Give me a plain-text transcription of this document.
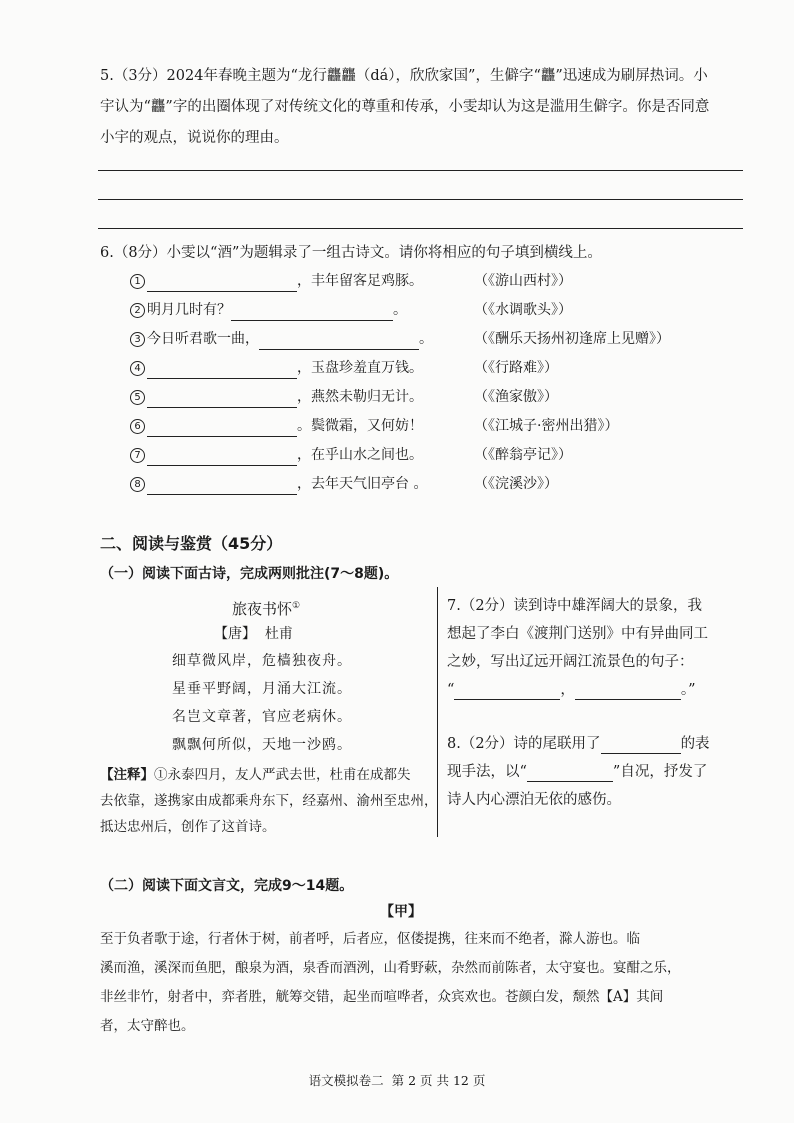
5.（3分）2024年春晚主题为“龙行龘龘（dá），欣欣家国”，生僻字“龘”迅速成为刷屏热词。小
宇认为“龘”字的出圈体现了对传统文化的尊重和传承，小雯却认为这是滥用生僻字。你是否同意
小宇的观点，说说你的理由。
6.（8分）小雯以“酒”为题辑录了一组古诗文。请你将相应的句子填到横线上。
1	，丰年留客足鸡豚。	（《游山西村》）
2 明月几时有？	。	（《水调歌头》）
3 今日听君歌一曲，	。	（《酬乐天扬州初逢席上见赠》）
4	，玉盘珍羞直万钱。	（《行路难》）
5	，燕然未勒归无计。	（《渔家傲》）
6	。鬓微霜，又何妨！	（《江城子·密州出猎》）
7	，在乎山水之间也。	（《醉翁亭记》）
8	，去年天气旧亭台 。	（《浣溪沙》）
二、阅读与鉴赏（45分）
（一）阅读下面古诗，完成两则批注(7～8题)。
旅夜书怀①
【唐】  杜甫
细草微风岸，危樯独夜舟。
星垂平野阔，月涌大江流。
名岂文章著，官应老病休。
飘飘何所似，天地一沙鸥。
【注释】①永泰四月，友人严武去世，杜甫在成都失
去依靠，遂携家由成都乘舟东下，经嘉州、渝州至忠州，
抵达忠州后，创作了这首诗。
7.（2分）读到诗中雄浑阔大的景象，我
想起了李白《渡荆门送别》中有异曲同工
之妙，写出辽远开阔江流景色的句子：
“	，	。”
8.（2分）诗的尾联用了	的表
现手法，以“	”自况，抒发了
诗人内心漂泊无依的感伤。
（二）阅读下面文言文，完成9～14题。
【甲】
至于负者歌于途，行者休于树，前者呼，后者应，伛偻提携，往来而不绝者，滁人游也。临
溪而渔，溪深而鱼肥，酿泉为酒，泉香而酒洌，山肴野蔌，杂然而前陈者，太守宴也。宴酣之乐，
非丝非竹，射者中，弈者胜，觥筹交错，起坐而喧哗者，众宾欢也。苍颜白发，颓然【A】其间
者，太守醉也。
语文模拟卷二  第 2 页 共 12 页
